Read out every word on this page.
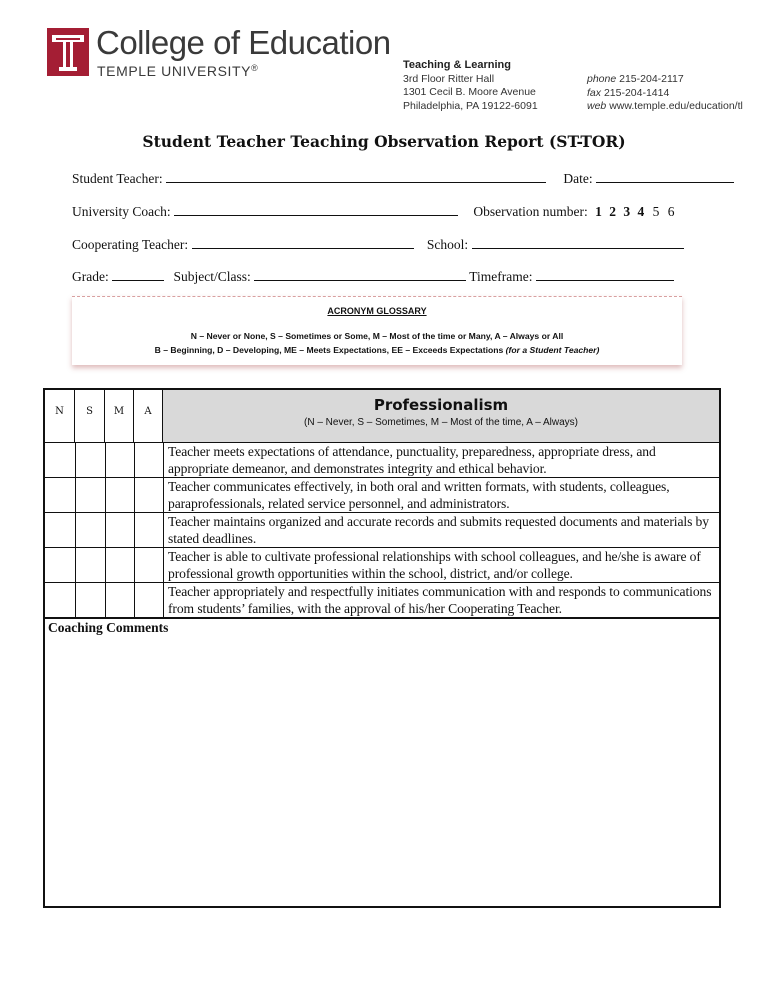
College of Education
TEMPLE UNIVERSITY®	Teaching & Learning
3rd Floor Ritter Hall
1301 Cecil B. Moore Avenue
Philadelphia, PA 19122-6091
phone 215-204-2117
fax 215-204-1414
web www.temple.edu/education/tl
Student Teacher Teaching Observation Report (ST-TOR)
Student Teacher:	Date:
University Coach:	Observation number: 1 2 3 4 5 6
Cooperating Teacher:	School:
Grade:	Subject/Class:	Timeframe:
ACRONYM GLOSSARY
N – Never or None, S – Sometimes or Some, M – Most of the time or Many, A – Always or All
B – Beginning, D – Developing, ME – Meets Expectations, EE – Exceeds Expectations (for a Student Teacher)
N	S	M	A	Professionalism
(N – Never, S – Sometimes, M – Most of the time, A – Always)
Teacher meets expectations of attendance, punctuality, preparedness, appropriate dress, and appropriate demeanor, and demonstrates integrity and ethical behavior.
Teacher communicates effectively, in both oral and written formats, with students, colleagues, paraprofessionals, related service personnel, and administrators.
Teacher maintains organized and accurate records and submits requested documents and materials by stated deadlines.
Teacher is able to cultivate professional relationships with school colleagues, and he/she is aware of professional growth opportunities within the school, district, and/or college.
Teacher appropriately and respectfully initiates communication with and responds to communications from students’ families, with the approval of his/her Cooperating Teacher.
Coaching Comments
